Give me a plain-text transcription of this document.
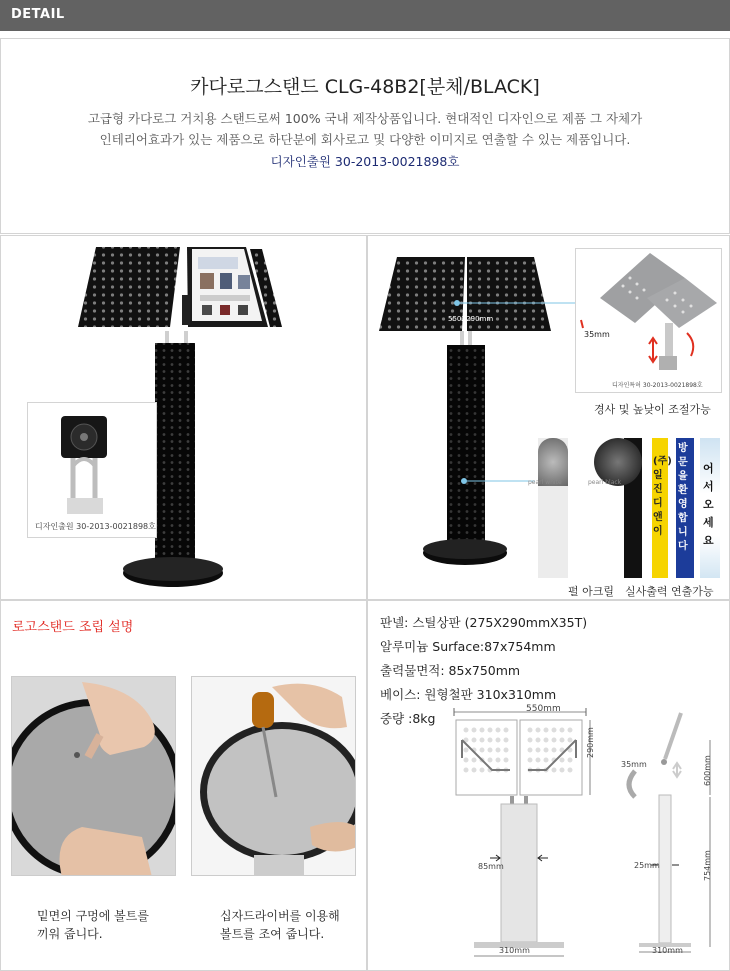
DETAIL
카다로그스탠드 CLG-48B2[분체/BLACK]
고급형 카다로그 거치용 스탠드로써 100% 국내 제작상품입니다. 현대적인 디자인으로 제품 그 자체가
인테리어효과가 있는 제품으로 하단분에 회사로고 및 다양한 이미지로 연출할 수 있는 제품입니다.
디자인출원 30-2013-0021898호
디자인출원 30-2013-0021898호
550X290mm
35mm
디자인특허 30-2013-0021898호
경사 및 높낮이 조절가능
pearl white	pearl black
(주)일진디앤이
방문을환영합니다
어서오세요
펄 아크릴 실사출력 연출가능
로고스탠드 조립 설명
밑면의 구멍에 볼트를
끼워 줍니다.
십자드라이버를 이용해
볼트를 조여 줍니다.
판넬: 스틸상판 (275X290mmX35T)
알루미늄 Surface:87x754mm
출력물면적: 85x750mm
베이스: 원형철판 310x310mm
중량 :8kg
550mm
290mm
85mm
310mm
35mm	600mm
25mm	754mm
310mm
